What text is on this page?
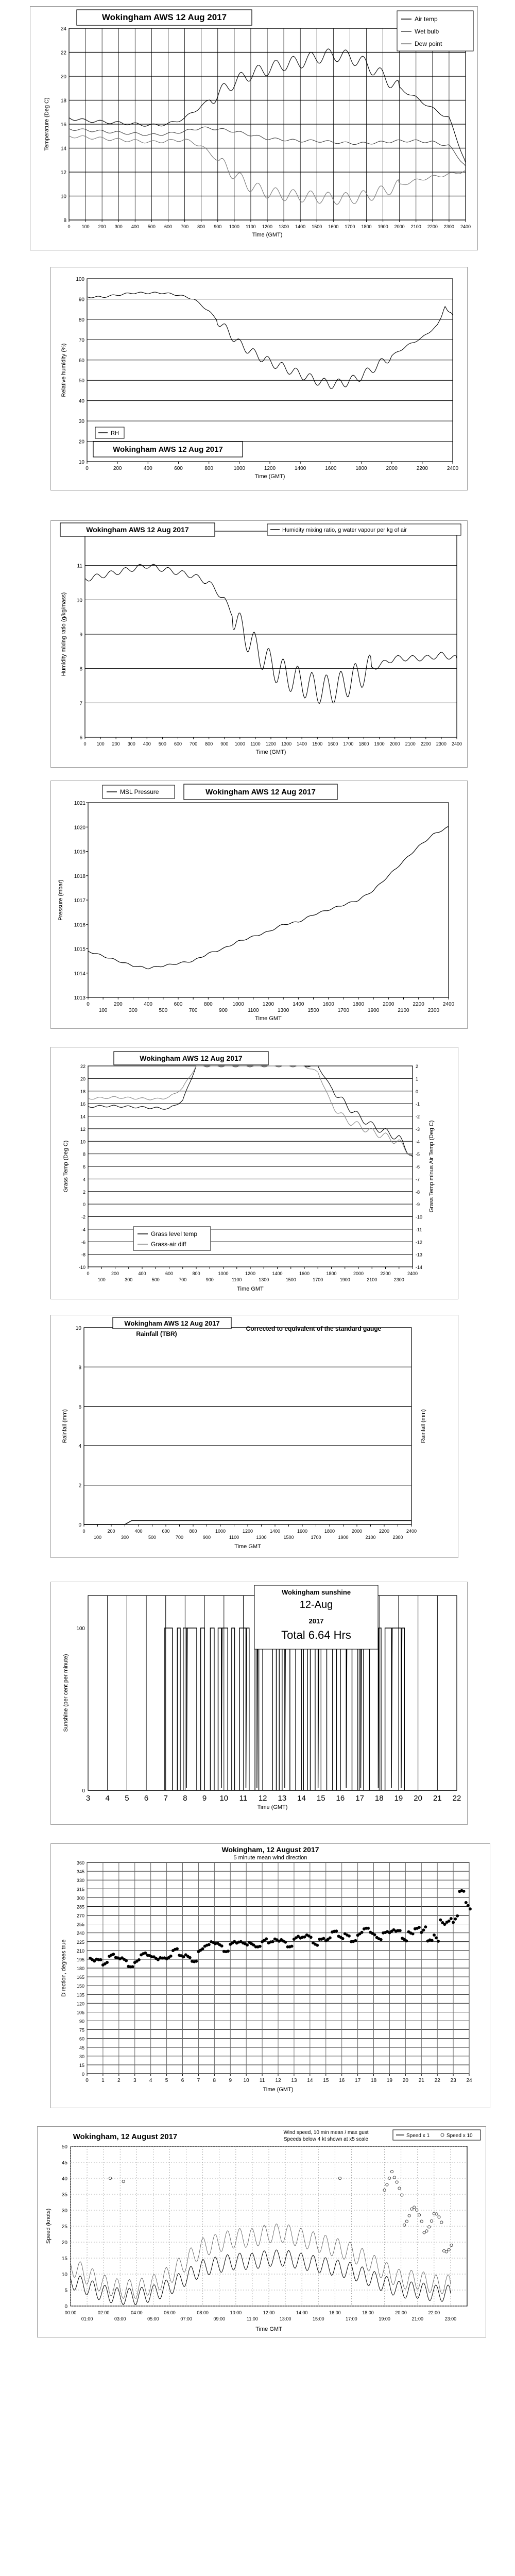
8
10
12
14
16
18
20
22
24
0 100 200 300 400 500 600 700 800 900 1000 1100 1200 1300 1400 1500 1600 1700 1800 1900 2000 2100 2200 2300 2400
Time (GMT)
Temperature (Deg C)
Wokingham AWS 12 Aug 2017	Air temp
Wet bulb
Dew point
10
20
30
40
50
60
70
80
90
100
0	200	400	600	800	1000	1200	1400	1600	1800	2000	2200	2400
Time (GMT)
Relative humidity (%)
RH
Wokingham AWS 12 Aug 2017
6
7
8
9
10
11
0 100 200 300 400 500 600 700 800 900 1000 1100 1200 1300 1400 1500 1600 1700 1800 1900 2000 2100 2200 2300 2400
Time (GMT)
Humidity mixing ratio (g/kg/mass)
Wokingham AWS 12 Aug 2017	Humidity mixing ratio, g water vapour per kg of air
1013
1014
1015
1016
1017
1018
1019
1020
1021
0
100
200
300
400
500
600
700
800
900
1000
1100
1200
1300
1400
1500
1600
1700
1800
1900
2000
2100
2200
2300
2400
Time GMT
Pressure (mbar)
MSL Pressure	Wokingham AWS 12 Aug 2017
-10
-8
-6
-4
-2
0
2
4
6
8
10
12
14
16
18
20
22
-14
-13
-12
-11
-10
-9
-8
-7
-6
-5
-4
-3
-2
-1
0
1
2
0
100
200
300
400
500
600
700
800
900
1000
1100
1200
1300
1400
1500
1600
1700
1800
1900
2000
2100
2200
2300
2400
Time GMT
Grass Temp (Deg C)	Grass Temp minus Air Temp (Deg C)
Wokingham AWS 12 Aug 2017
Grass level temp
Grass-air diff
0
2
4
6
8
10
0
100
200
300
400
500
600
700
800
900
1000
1100
1200
1300
1400
1500
1600
1700
1800
1900
2000
2100
2200
2300
2400
Time GMT
Rainfall (mm)	Rainfall (mm)
Wokingham AWS 12 Aug 2017
Rainfall (TBR)
Corrected to equivalent of the standard gauge
3 4 5 6 7 8 9 10 11 12 13 14 15 16 17 18 19 20 21 22
0
100
Time (GMT)
Sunshine (per cent per minute)
Wokingham sunshine
12-Aug
2017
Total 6.64 Hrs
0
15
30
45
60
75
90
105
120
135
150
165
180
195
210
225
240
255
270
285
300
315
330
345
360
0	1	2	3	4	5	6	7	8	9 10 11 12 13 14 15 16 17 18 19 20 21 22 23 24
Time (GMT)
Direction, degrees true
Wokingham, 12 August 2017
5 minute mean wind direction
0
5
10
15
20
25
30
35
40
45
50
00:00
01:00
02:00
03:00
04:00
05:00
06:00
07:00
08:00
09:00
10:00
11:00
12:00
13:00
14:00
15:00
16:00
17:00
18:00
19:00
20:00
21:00
22:00
23:00
Time GMT
Speed (knots)
Wokingham, 12 August 2017	Wind speed, 10 min mean / max gust
Speeds below 4 kt shown at x5 scale
Speed x 1	Speed x 10
